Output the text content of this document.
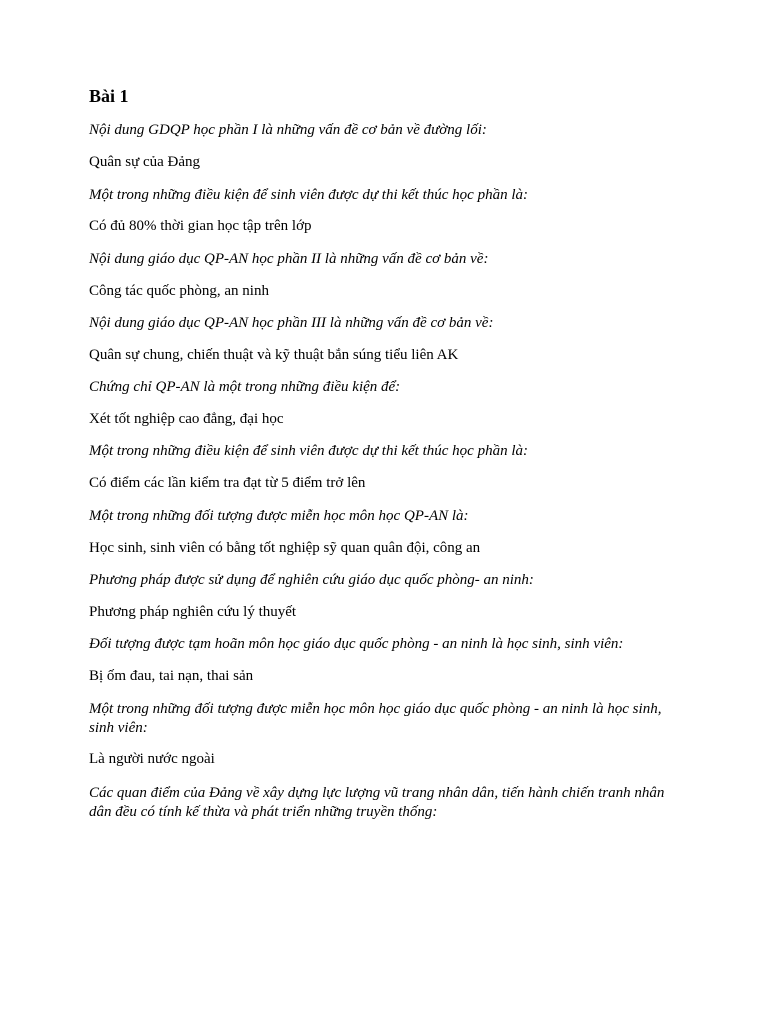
Bài 1

Nội dung GDQP học phần I là những vấn đề cơ bản về đường lối:

Quân sự của Đảng

Một trong những điều kiện để sinh viên được dự thi kết thúc học phần là:

Có đủ 80% thời gian học tập trên lớp

Nội dung giáo dục QP-AN học phần II là những vấn đề cơ bản về:

Công tác quốc phòng, an ninh

Nội dung giáo dục QP-AN học phần III là những vấn đề cơ bản về:

Quân sự chung, chiến thuật và kỹ thuật bắn súng tiểu liên AK

Chứng chỉ QP-AN là một trong những điều kiện để:

Xét tốt nghiệp cao đẳng, đại học

Một trong những điều kiện để sinh viên được dự thi kết thúc học phần là:

Có điểm các lần kiểm tra đạt từ 5 điểm trở lên

Một trong những đối tượng được miễn học môn học QP-AN là:

Học sinh, sinh viên có bằng tốt nghiệp sỹ quan quân đội, công an

Phương pháp được sử dụng để nghiên cứu giáo dục quốc phòng- an ninh:

Phương pháp nghiên cứu lý thuyết

Đối tượng được tạm hoãn môn học giáo dục quốc phòng - an ninh là học sinh, sinh viên:

Bị ốm đau, tai nạn, thai sản

Một trong những đối tượng được miễn học môn học giáo dục quốc phòng - an ninh là học sinh, sinh viên:

Là người nước ngoài

Các quan điểm của Đảng về xây dựng lực lượng vũ trang nhân dân, tiến hành chiến tranh nhân dân đều có tính kế thừa và phát triển những truyền thống:
